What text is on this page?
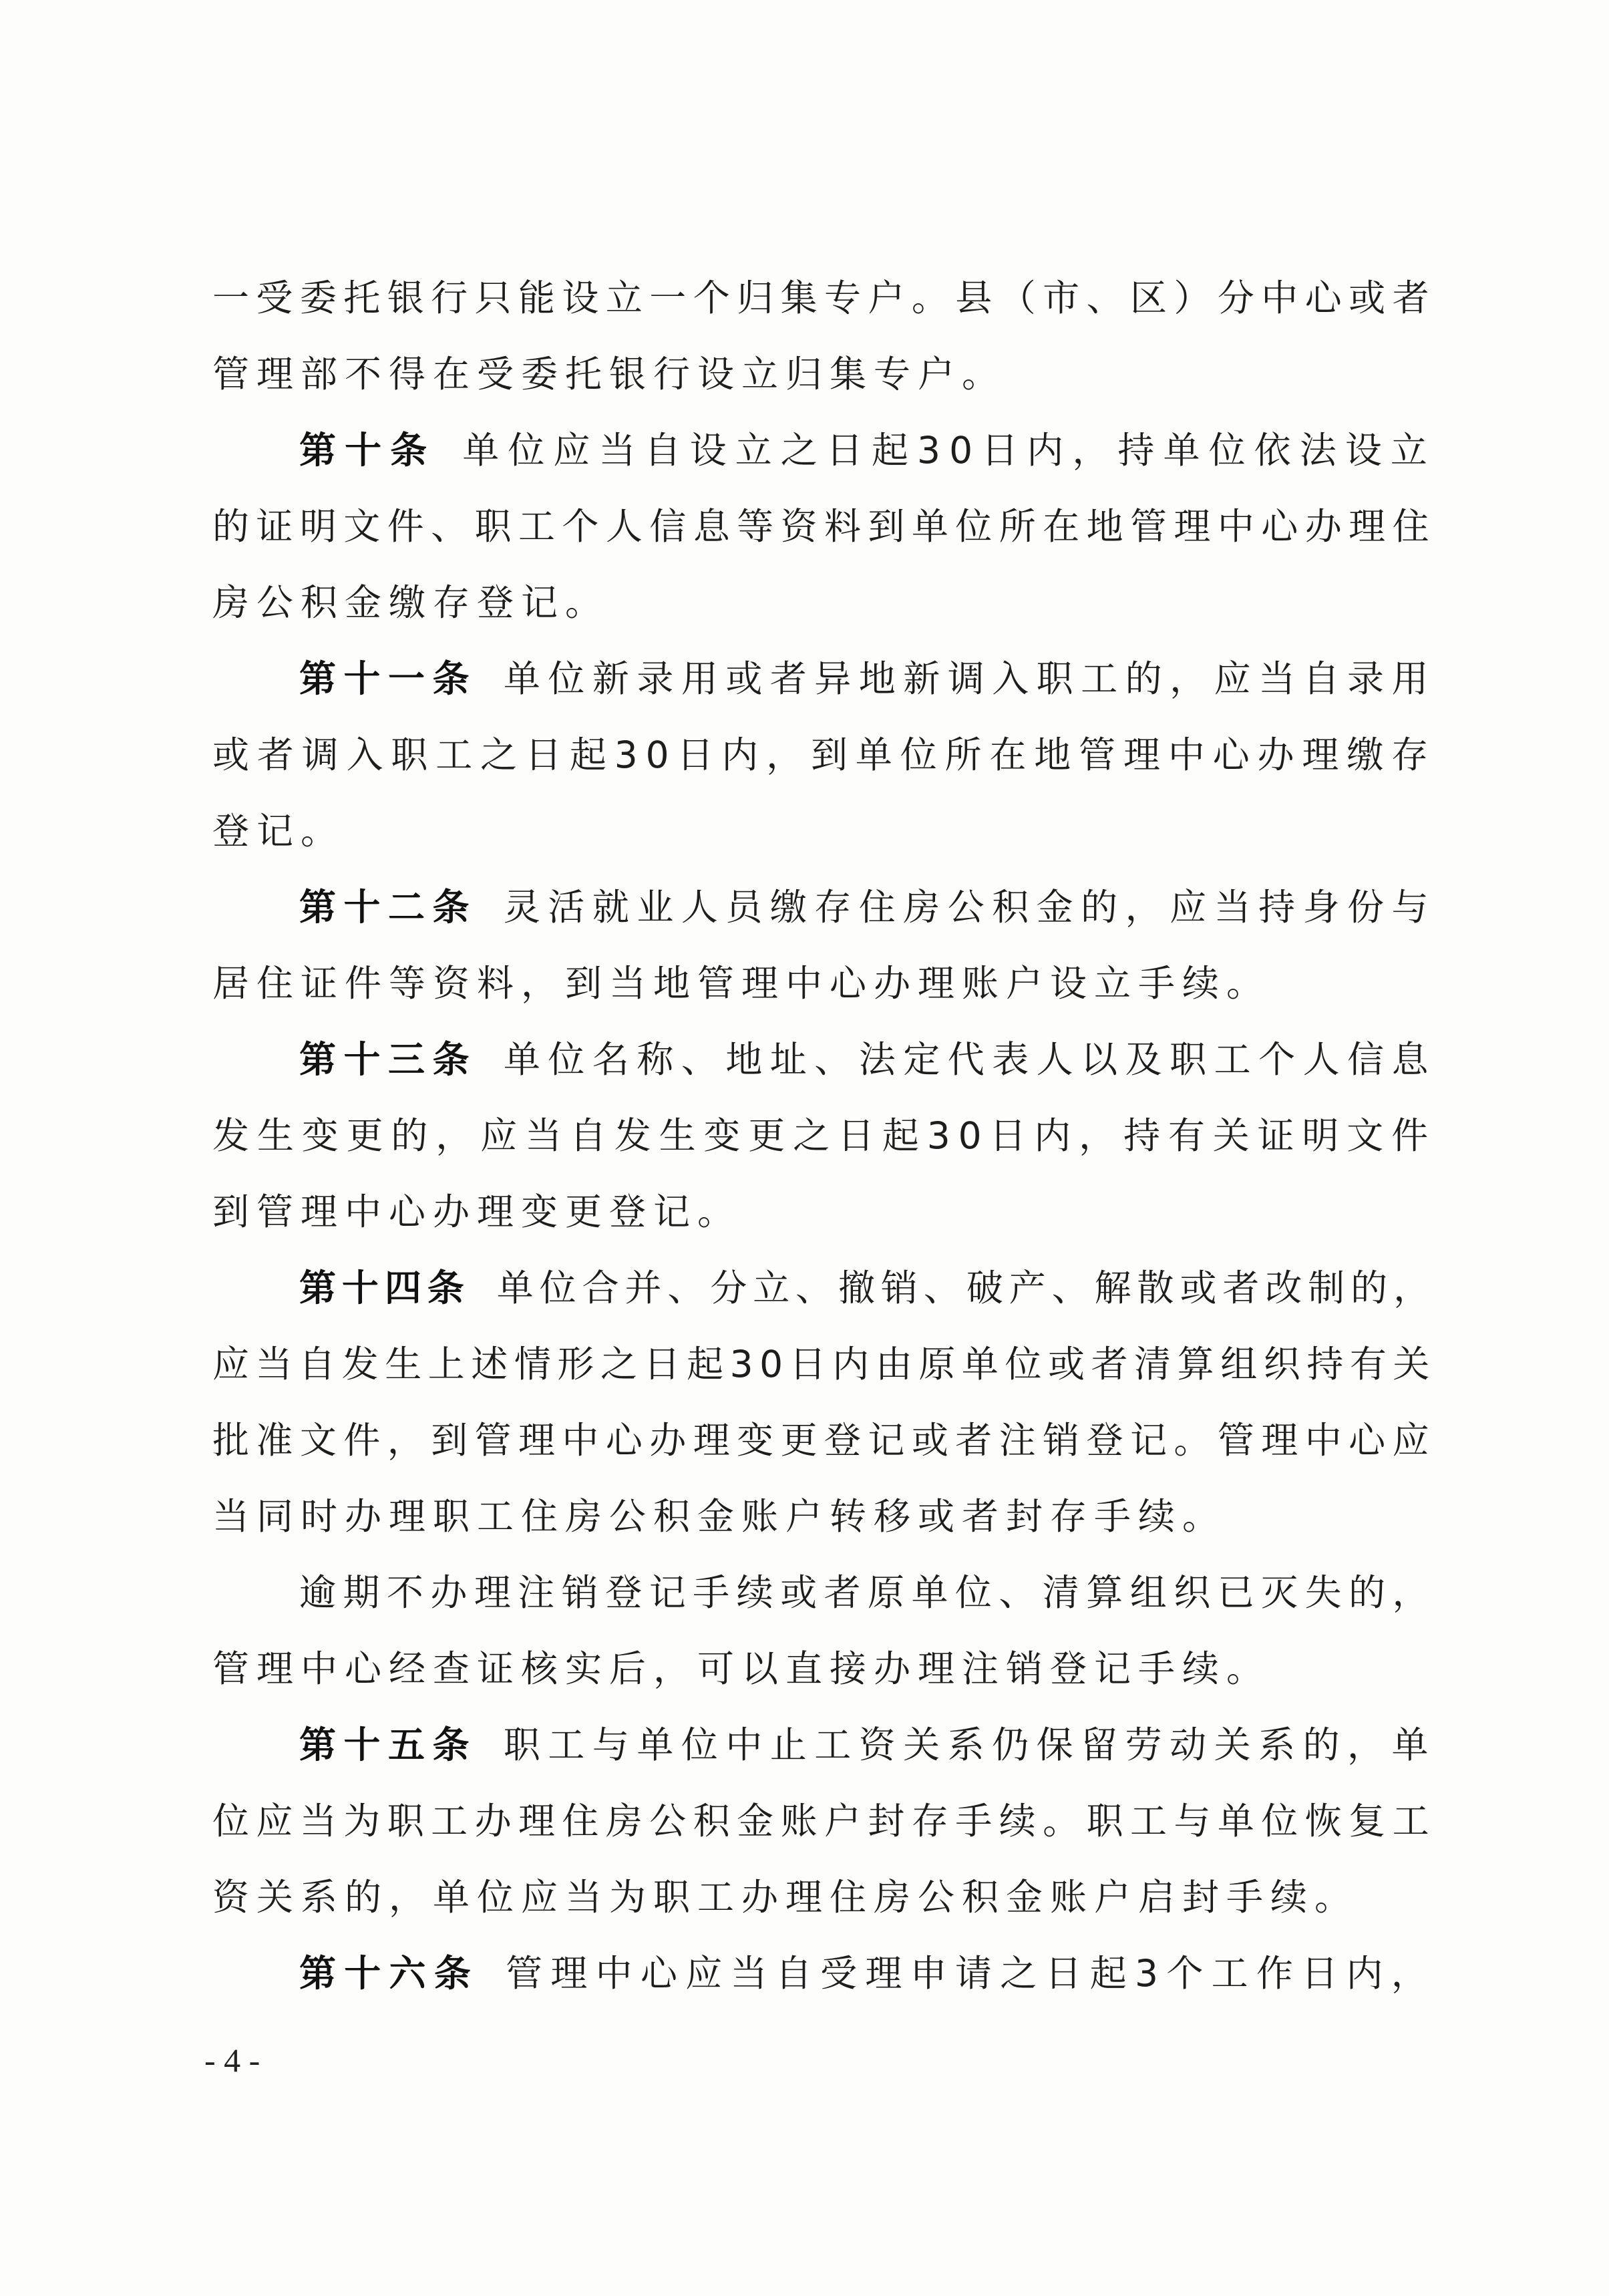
一受委托银行只能设立一个归集专户。县（市、区）分中心或者

管理部不得在受委托银行设立归集专户。

第十条 单位应当自设立之日起30日内，持单位依法设立

的证明文件、职工个人信息等资料到单位所在地管理中心办理住

房公积金缴存登记。

第十一条 单位新录用或者异地新调入职工的，应当自录用

或者调入职工之日起30日内，到单位所在地管理中心办理缴存

登记。

第十二条 灵活就业人员缴存住房公积金的，应当持身份与

居住证件等资料，到当地管理中心办理账户设立手续。

第十三条 单位名称、地址、法定代表人以及职工个人信息

发生变更的，应当自发生变更之日起30日内，持有关证明文件

到管理中心办理变更登记。

第十四条 单位合并、分立、撤销、破产、解散或者改制的，

应当自发生上述情形之日起30日内由原单位或者清算组织持有关

批准文件，到管理中心办理变更登记或者注销登记。管理中心应

当同时办理职工住房公积金账户转移或者封存手续。

逾期不办理注销登记手续或者原单位、清算组织已灭失的，

管理中心经查证核实后，可以直接办理注销登记手续。

第十五条 职工与单位中止工资关系仍保留劳动关系的，单

位应当为职工办理住房公积金账户封存手续。职工与单位恢复工

资关系的，单位应当为职工办理住房公积金账户启封手续。

第十六条 管理中心应当自受理申请之日起3个工作日内，

- 4 -
